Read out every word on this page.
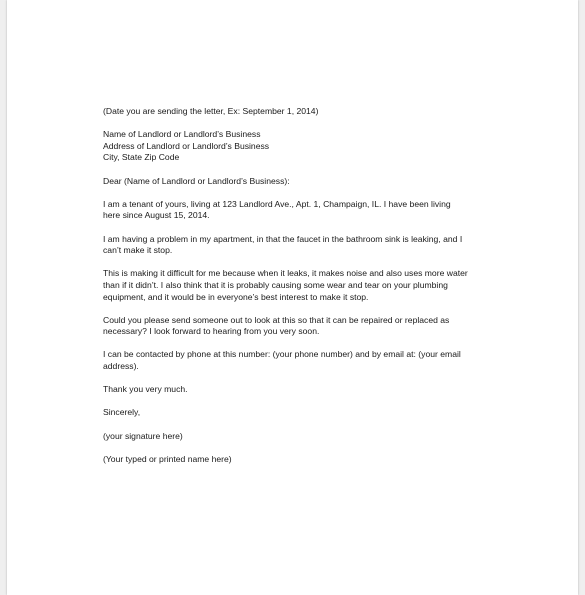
(Date you are sending the letter, Ex: September 1, 2014)

Name of Landlord or Landlord’s Business
Address of Landlord or Landlord’s Business
City, State Zip Code

Dear (Name of Landlord or Landlord’s Business):

I am a tenant of yours, living at 123 Landlord Ave., Apt. 1, Champaign, IL. I have been living
here since August 15, 2014.

I am having a problem in my apartment, in that the faucet in the bathroom sink is leaking, and I
can’t make it stop.

This is making it difficult for me because when it leaks, it makes noise and also uses more water
than if it didn’t. I also think that it is probably causing some wear and tear on your plumbing
equipment, and it would be in everyone’s best interest to make it stop.

Could you please send someone out to look at this so that it can be repaired or replaced as
necessary? I look forward to hearing from you very soon.

I can be contacted by phone at this number: (your phone number) and by email at: (your email
address).

Thank you very much.

Sincerely,

(your signature here)

(Your typed or printed name here)
